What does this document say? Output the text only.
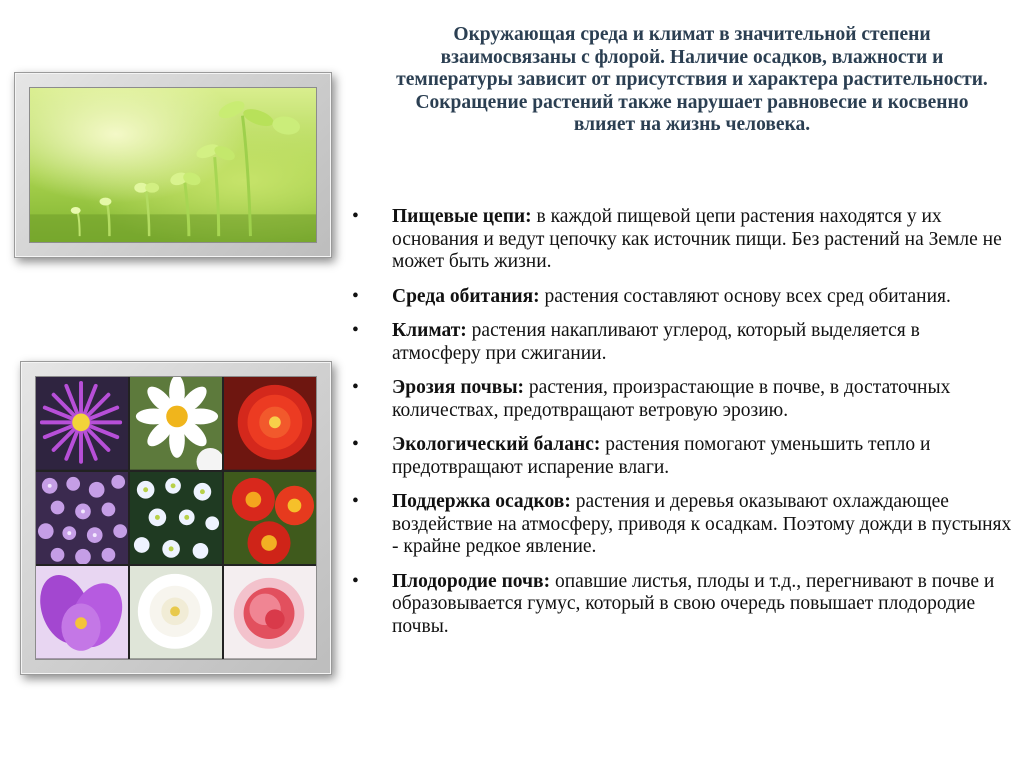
Окружающая среда и климат в значительной степени взаимосвязаны с флорой. Наличие осадков, влажности и температуры зависит от присутствия и характера растительности. Сокращение растений также нарушает равновесие и косвенно влияет на жизнь человека.

•	Пищевые цепи: в каждой пищевой цепи растения находятся у их основания и ведут цепочку как источник пищи. Без растений на Земле не может быть жизни.
•	Среда обитания: растения составляют основу всех сред обитания.
•	Климат: растения накапливают углерод, который выделяется в атмосферу при сжигании.
•	Эрозия почвы: растения, произрастающие в почве, в достаточных количествах, предотвращают ветровую эрозию.
•	Экологический баланс: растения помогают уменьшить тепло и предотвращают испарение влаги.
•	Поддержка осадков: растения и деревья оказывают охлаждающее воздействие на атмосферу, приводя к осадкам. Поэтому дожди в пустынях - крайне редкое явление.
•	Плодородие почв: опавшие листья, плоды и т.д., перегнивают в почве и образовывается гумус, который в свою очередь повышает плодородие почвы.
